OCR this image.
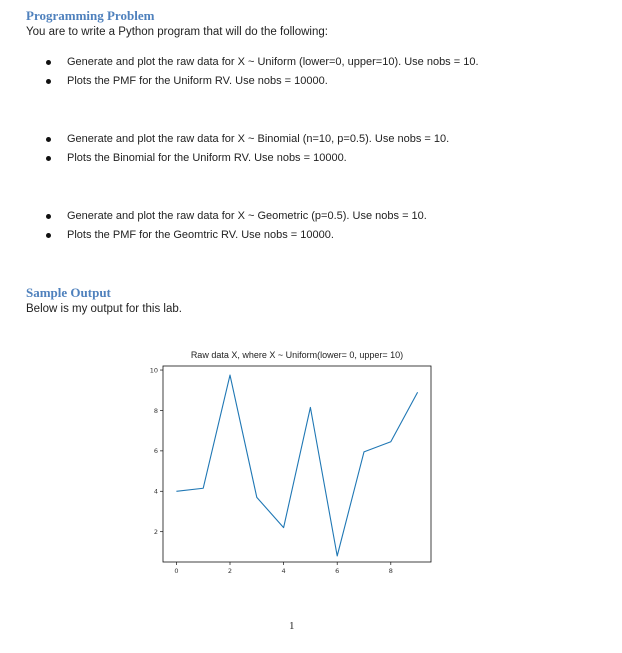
Programming Problem

You are to write a Python program that will do the following:

Generate and plot the raw data for X ~ Uniform (lower=0, upper=10). Use nobs = 10.
Plots the PMF for the Uniform RV. Use nobs = 10000.
Generate and plot the raw data for X ~ Binomial (n=10, p=0.5). Use nobs = 10.
Plots the Binomial for the Uniform RV. Use nobs = 10000.
Generate and plot the raw data for X ~ Geometric (p=0.5). Use nobs = 10.
Plots the PMF for the Geomtric RV. Use nobs = 10000.
Sample Output

Below is my output for this lab.

Raw data X, where X ~ Uniform(lower= 0, upper= 10)
0	2	4	6	8
2
4
6
8
10
1
